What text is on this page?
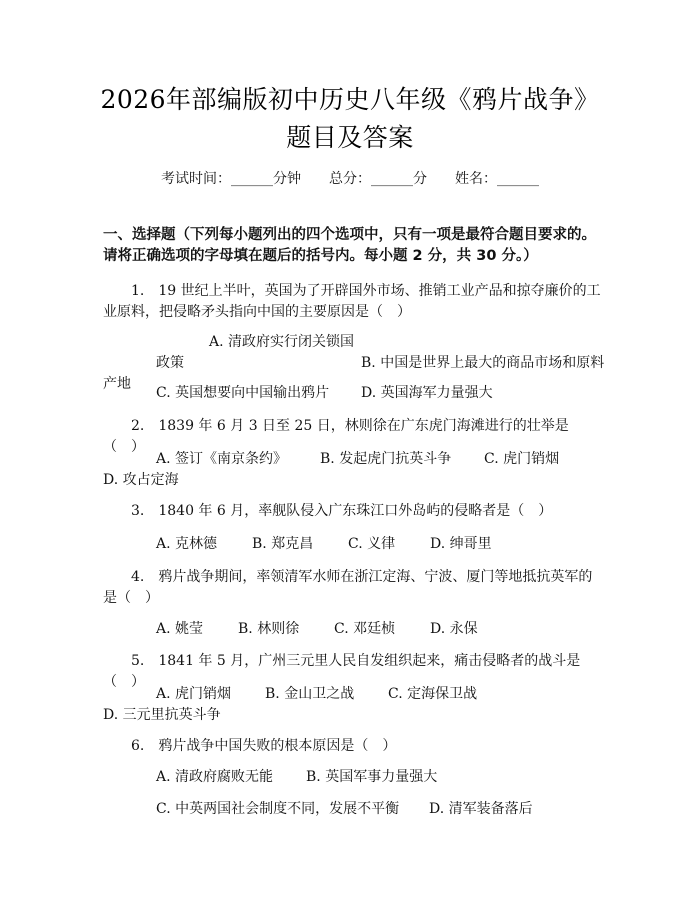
2026年部编版初中历史八年级《鸦片战争》
题目及答案
考试时间：______分钟 总分：______分 姓名：______
一、选择题（下列每小题列出的四个选项中，只有一项是最符合题目要求的。请将正确选项的字母填在题后的括号内。每小题 2 分，共 30 分。）
1.　19 世纪上半叶，英国为了开辟国外市场、推销工业产品和掠夺廉价的工业原料，把侵略矛头指向中国的主要原因是（　）
A. 清政府实行闭关锁国政策	B. 中国是世界上最大的商品市场和原料产地
C. 英国想要向中国输出鸦片 D. 英国海军力量强大
2.　1839 年 6 月 3 日至 25 日，林则徐在广东虎门海滩进行的壮举是（　）
A. 签订《南京条约》 B. 发起虎门抗英斗争 C. 虎门销烟 D. 攻占定海
3.　1840 年 6 月，率舰队侵入广东珠江口外岛屿的侵略者是（　）
A. 克林德 B. 郑克昌 C. 义律 D. 绅哥里
4.　鸦片战争期间，率领清军水师在浙江定海、宁波、厦门等地抵抗英军的是（　）
A. 姚莹 B. 林则徐 C. 邓廷桢 D. 永保
5.　1841 年 5 月，广州三元里人民自发组织起来，痛击侵略者的战斗是（　）
A. 虎门销烟 B. 金山卫之战 C. 定海保卫战D. 三元里抗英斗争
6.　鸦片战争中国失败的根本原因是（　）
A. 清政府腐败无能 B. 英国军事力量强大
C. 中英两国社会制度不同，发展不平衡 D. 清军装备落后
